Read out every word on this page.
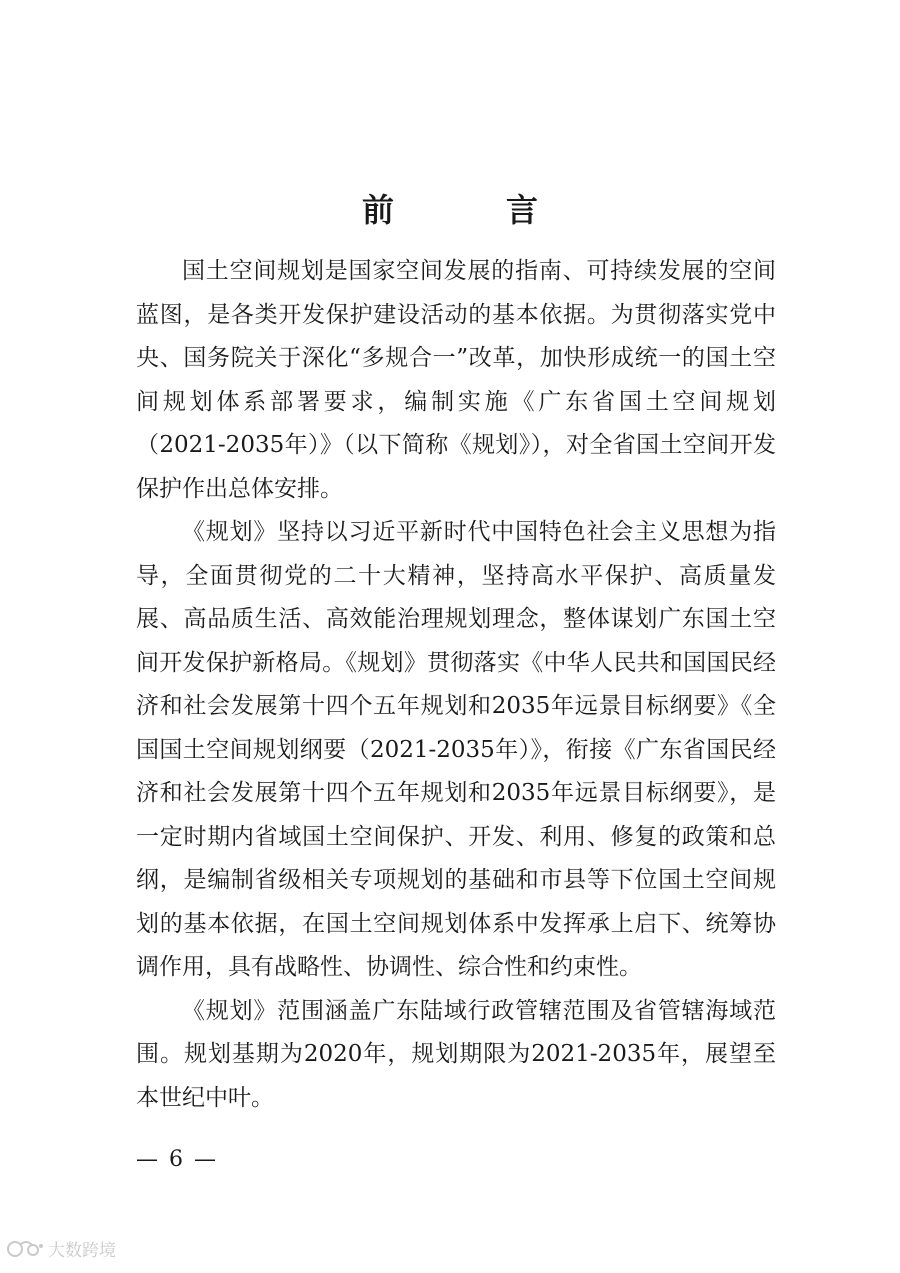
前　言

国土空间规划是国家空间发展的指南、可持续发展的空间蓝图，是各类开发保护建设活动的基本依据。为贯彻落实党中央、国务院关于深化“多规合一”改革，加快形成统一的国土空间规划体系部署要求，编制实施《广东省国土空间规划（2021-2035年）》（以下简称《规划》），对全省国土空间开发保护作出总体安排。

《规划》坚持以习近平新时代中国特色社会主义思想为指导，全面贯彻党的二十大精神，坚持高水平保护、高质量发展、高品质生活、高效能治理规划理念，整体谋划广东国土空间开发保护新格局。《规划》贯彻落实《中华人民共和国国民经济和社会发展第十四个五年规划和2035年远景目标纲要》《全国国土空间规划纲要（2021-2035年）》，衔接《广东省国民经济和社会发展第十四个五年规划和2035年远景目标纲要》，是一定时期内省域国土空间保护、开发、利用、修复的政策和总纲，是编制省级相关专项规划的基础和市县等下位国土空间规划的基本依据，在国土空间规划体系中发挥承上启下、统筹协调作用，具有战略性、协调性、综合性和约束性。

《规划》范围涵盖广东陆域行政管辖范围及省管辖海域范围。规划基期为2020年，规划期限为2021-2035年，展望至本世纪中叶。

— 6 —
大数跨境
